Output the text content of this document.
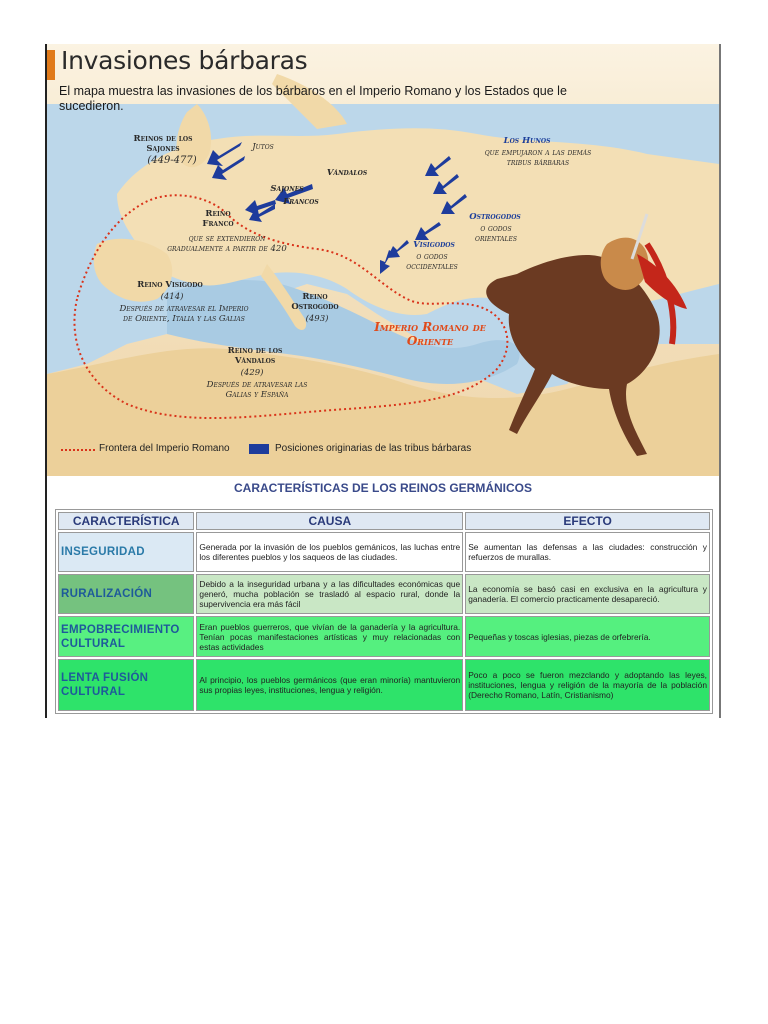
Invasiones bárbaras
El mapa muestra las invasiones de los bárbaros en el Imperio Romano y los Estados que le sucedieron.
Reinos de los Sajones
(449-477)
Jutos
Vándalos
Sajones
Francos
Reino Franco
que se extendieron gradualmente a partir de 420
Los Hunos
que empujaron a las demás tribus bárbaras
Ostrogodos
o godos orientales
Visigodos
o godos occidentales
Reino Visigodo
(414)
Después de atravesar el Imperio de Oriente, Italia y las Galias
Reino Ostrogodo
(493)
Imperio Romano de Oriente
Reino de los Vándalos
(429)
Después de atravesar las Galias y España
Frontera del Imperio Romano	Posiciones originarias de las tribus bárbaras
CARACTERÍSTICAS DE LOS REINOS GERMÁNICOS
CARACTERÍSTICA	CAUSA	EFECTO
INSEGURIDAD	Generada por la invasión de los pueblos gemánicos, las luchas entre los diferentes pueblos y los saqueos de las ciudades.	Se aumentan las defensas a las ciudades: construcción y refuerzos de murallas.
RURALIZACIÓN	Debido a la inseguridad urbana y a las dificultades económicas que generó, mucha población se trasladó al espacio rural, donde la supervivencia era más fácil	La economía se basó casi en exclusiva en la agricultura y ganadería. El comercio practicamente desapareció.
EMPOBRECIMIENTO CULTURAL	Eran pueblos guerreros, que vivían de la ganadería y la agricultura. Tenían pocas manifestaciones artísticas y muy relacionadas con estas actividades	Pequeñas y toscas iglesias, piezas de orfebrería.
LENTA FUSIÓN CULTURAL	Al principio, los pueblos germánicos (que eran minoría) mantuvieron sus propias leyes, instituciones, lengua y religión.	Poco a poco se fueron mezclando y adoptando las leyes, instituciones, lengua y religión de la mayoría de la población (Derecho Romano, Latín, Cristianismo)
